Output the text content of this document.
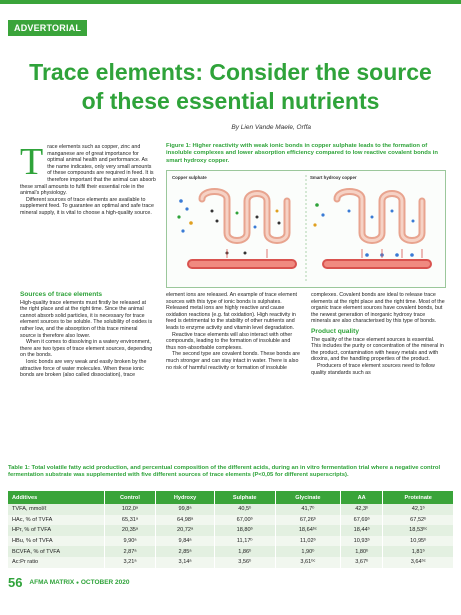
ADVERTORIAL
Trace elements: Consider the source of these essential nutrients
By Lien Vande Maele, Orffa
T race elements such as copper, zinc and manganese are of great importance for optimal animal health and performance. As the name indicates, only very small amounts of these compounds are required in feed. It is therefore important that the animal can absorb these small amounts to fulfil their essential role in the animal's physiology.

Different sources of trace elements are available to supplement feed. To guarantee an optimal and safe trace mineral supply, it is vital to choose a high-quality source.

Figure 1: Higher reactivity with weak ionic bonds in copper sulphate leads to the formation of insoluble complexes and lower absorption efficiency compared to low reactive covalent bonds in smart hydroxy copper.
Copper sulphate	Smart hydroxy copper
Sources of trace elements

High-quality trace elements must firstly be released at the right place and at the right time. Since the animal cannot absorb solid particles, it is necessary for trace element sources to be soluble. The solubility of oxides is rather low, and the absorption of this trace mineral source is therefore also lower.

When it comes to dissolving in a watery environment, there are two types of trace element sources, depending on the bonds.

Ionic bonds are very weak and easily broken by the attractive force of water molecules. When these ionic bonds are broken (also called dissociation), trace

element ions are released. An example of trace element sources with this type of ionic bonds is sulphates. Released metal ions are highly reactive and cause oxidation reactions (e.g. fat oxidation). High reactivity in feed is detrimental to the stability of other nutrients and leads to enzyme activity and vitamin level degradation.

Reactive trace elements will also interact with other compounds, leading to the formation of insoluble and thus non-absorbable complexes.

The second type are covalent bonds. These bonds are much stronger and can stay intact in water. There is also no risk of harmful reactivity or formation of insoluble

complexes. Covalent bonds are ideal to release trace elements at the right place and the right time. Most of the organic trace element sources have covalent bonds, but the newest generation of inorganic hydroxy trace minerals are also characterised by this type of bonds.

Product quality

The quality of the trace element sources is essential. This includes the purity or concentration of the mineral in the product, contamination with heavy metals and with dioxins, and the handling properties of the product.

Producers of trace element sources need to follow quality standards such as

Table 1: Total volatile fatty acid production, and percentual composition of the different acids, during an in vitro fermentation trial where a negative control fermentation substrate was supplemented with five different sources of trace elements (P<0,05 for different superscripts).
Additives	Control	Hydroxy	Sulphate	Glycinate	AA	Proteinate
TVFA, mmol/ℓ	102,0ᵃ	99,8ᵃ	40,5ᵇ	41,7ᵇ	42,3ᵇ	42,1ᵇ
HAc, % of TVFA	65,31ᵃ	64,98ᵃ	67,00ᵇ	67,26ᵇ	67,69ᵇ	67,52ᵇ
HPr, % of TVFA	20,35ᵃ	20,72ᵃ	18,80ᵇ	18,64ᵇᶜ	18,44ᵇ	18,53ᵇᶜ
HBu, % of TVFA	9,90ᵃ	9,84ᵃ	11,17ᵇ	11,02ᵇ	10,93ᵇ	10,95ᵇ
BCVFA, % of TVFA	2,87ᵃ	2,85ᵃ	1,86ᵇ	1,90ᵇ	1,80ᵇ	1,81ᵇ
Ac:Pr ratio	3,21ᵃ	3,14ᵃ	3,56ᵇ	3,61ᵇᶜ	3,67ᵇ	3,64ᵇᶜ
56 AFMA MATRIX ● OCTOBER 2020
